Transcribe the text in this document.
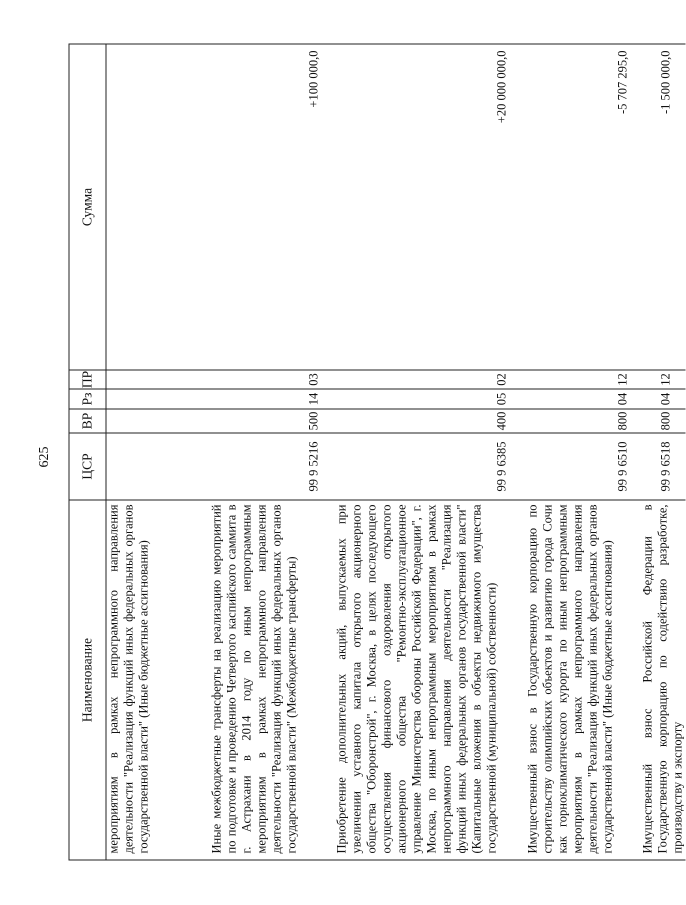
625
Наименование	ЦСР	ВР	Рз	ПР	Сумма
мероприятиям в рамках непрограммного направления деятельности "Реализация функций иных федеральных органов государственной власти" (Иные бюджетные ассигнования)					
Иные межбюджетные трансферты на реализацию мероприятий по подготовке и проведению Четвертого каспийского саммита в г. Астрахани в 2014 году по иным непрограммным мероприятиям в рамках непрограммного направления деятельности "Реализация функций иных федеральных органов государственной власти" (Межбюджетные трансферты)	99 9 5216	500	14	03	+100 000,0
Приобретение дополнительных акций, выпускаемых при увеличении уставного капитала открытого акционерного общества "Оборонстрой", г. Москва, в целях последующего осуществления финансового оздоровления открытого акционерного общества "Ремонтно-эксплуатационное управление Министерства обороны Российской Федерации", г. Москва, по иным непрограммным мероприятиям в рамках непрограммного направления деятельности "Реализация функций иных федеральных органов государственной власти" (Капитальные вложения в объекты недвижимого имущества государственной (муниципальной) собственности)	99 9 6385	400	05	02	+20 000 000,0
Имущественный взнос в Государственную корпорацию по строительству олимпийских объектов и развитию города Сочи как горноклиматического курорта по иным непрограммным мероприятиям в рамках непрограммного направления деятельности "Реализация функций иных федеральных органов государственной власти" (Иные бюджетные ассигнования)	99 9 6510	800	04	12	-5 707 295,0
Имущественный взнос Российской Федерации в Государственную корпорацию по содействию разработке, производству и экспорту	99 9 6518	800	04	12	-1 500 000,0
